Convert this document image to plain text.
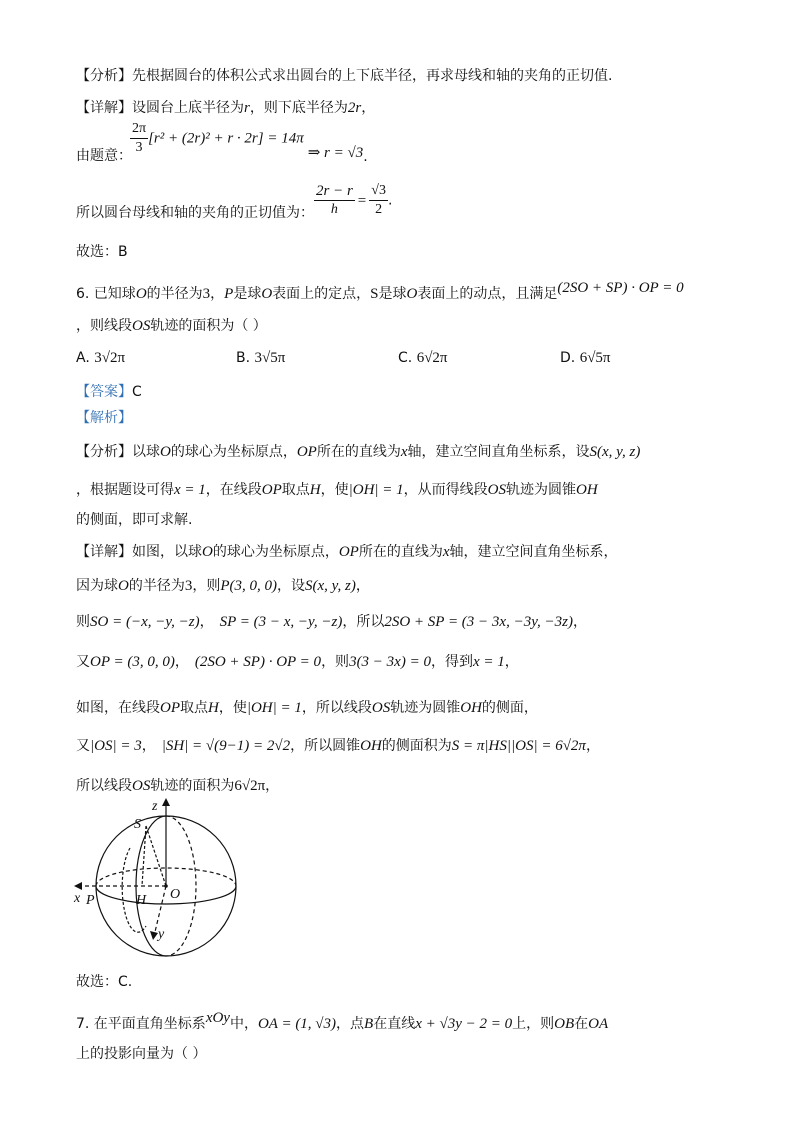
【分析】先根据圆台的体积公式求出圆台的上下底半径，再求母线和轴的夹角的正切值.
【详解】设圆台上底半径为r，则下底半径为2r，
由题意：
$\frac{2\pi}{3} [r^2 + (2r)^2 + r \cdot 2r]$ = 14π⇒ r = √3.
所以圆台母线和轴的夹角的正切值为： $\frac{2r - r}{h} = \frac{√3}{2}$ .
故选：B
6. 已知球O的半径为3，P是球O表面上的定点，S是球O表面上的动点，且满足(2SO + SP) · OP = 0
，则线段OS轨迹的面积为（ ）
A. 3√2π	B. 3√5π	C. 6√2π	D. 6√5π
【答案】C
【解析】
【分析】以球O的球心为坐标原点，OP所在的直线为x轴，建立空间直角坐标系，设S(x, y, z)
，根据题设可得x = 1，在线段OP取点H，使|OH| = 1，从而得线段OS轨迹为圆锥OH
的侧面，即可求解.
【详解】如图，以球O的球心为坐标原点，OP所在的直线为x轴，建立空间直角坐标系，
因为球O的半径为3，则P(3, 0, 0)，设S(x, y, z)，
则SO = (−x, −y, −z)， SP = (3 − x, −y, −z)，所以2SO + SP = (3 − 3x, −3y, −3z)，
又OP = (3, 0, 0)， (2SO + SP) · OP = 0，则3(3 − 3x) = 0，得到x = 1，
如图，在线段OP取点H，使|OH| = 1，所以线段OS轨迹为圆锥OH的侧面，
又|OS| = 3， |SH| = √(9−1) = 2√2，所以圆锥OH的侧面积为S = π|HS||OS| = 6√2π，
所以线段OS轨迹的面积为6√2π，
z
S
O
x P	H
y
故选：C.
7. 在平面直角坐标系xOy中，OA = (1, √3)，点B在直线x + √3y − 2 = 0上，则OB在OA
上的投影向量为（ ）
